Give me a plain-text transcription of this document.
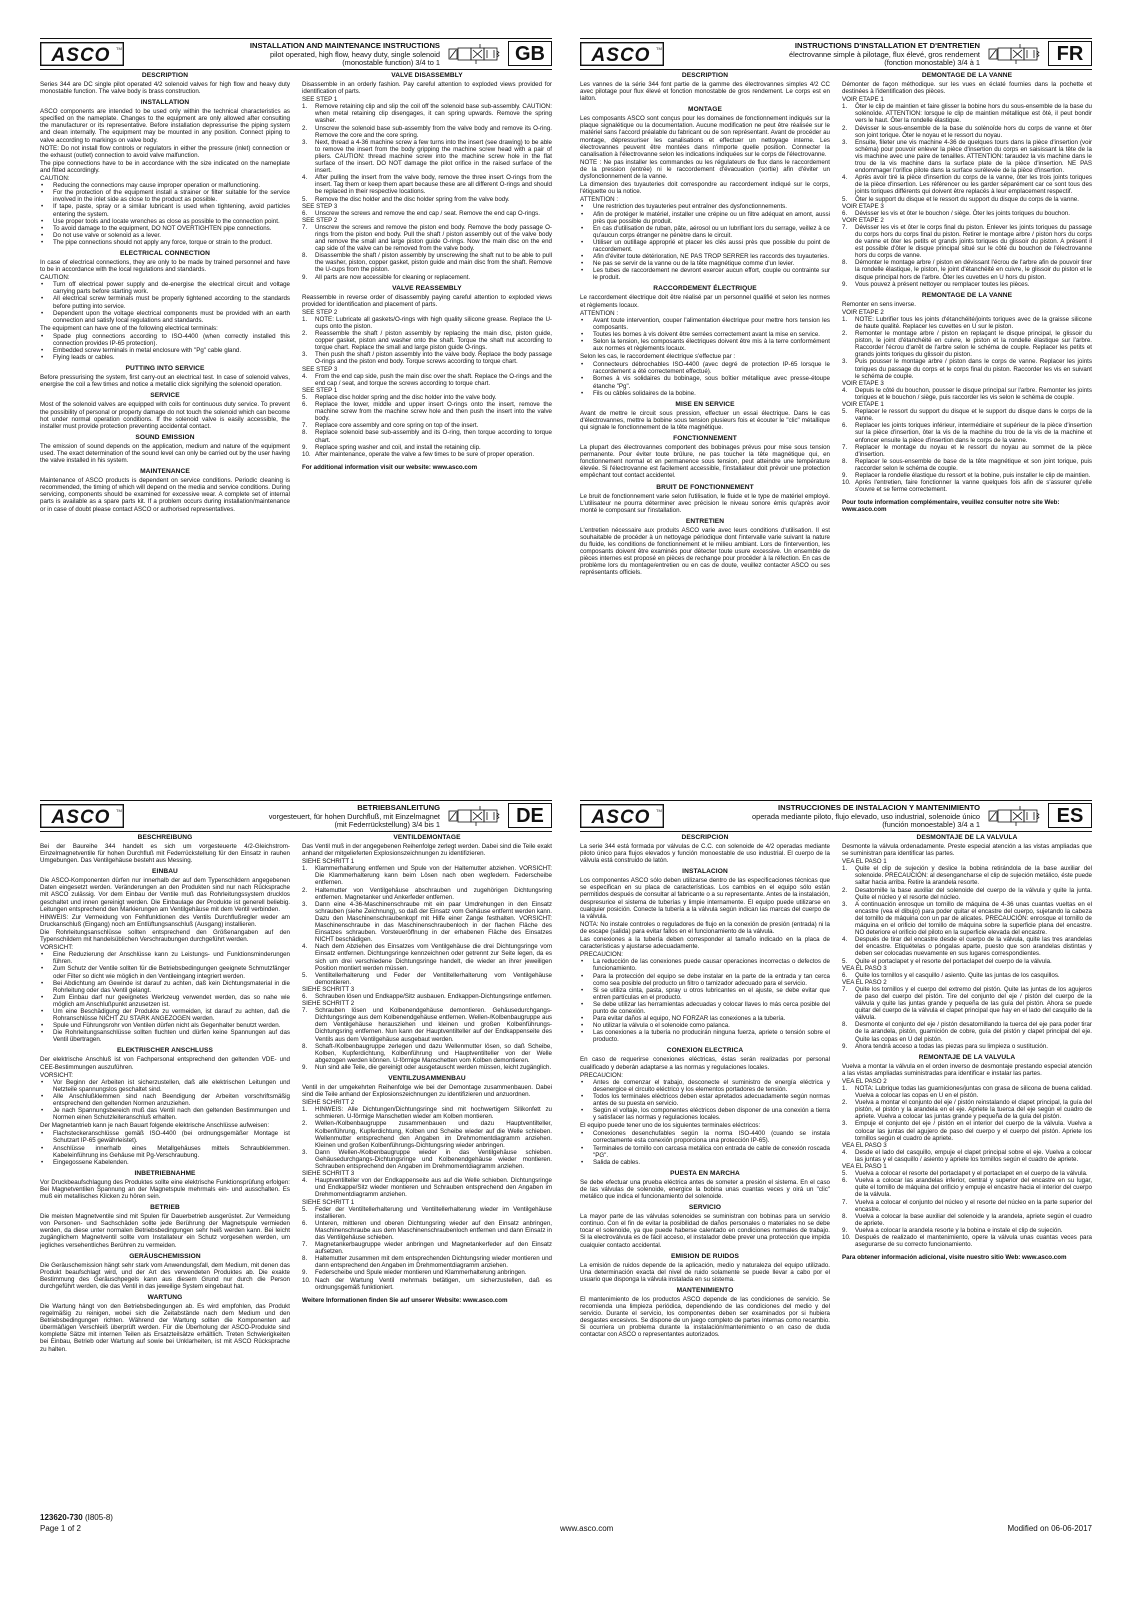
ASCO TM	INSTALLATION AND MAINTENANCE INSTRUCTIONS
pilot operated, high flow, heavy duty, single solenoid
(monostable function) 3/4 to 1	GB
DESCRIPTION

Series 344 are DC single pilot operated 4/2 solenoid valves for high flow and heavy duty monostable function. The valve body is brass construction.

INSTALLATION

ASCO components are intended to be used only within the technical characteristics as specified on the nameplate. Changes to the equipment are only allowed after consulting the manufacturer or its representative. Before installation depressurise the piping system and clean internally. The equipment may be mounted in any position. Connect piping to valve according to markings on valve body.

NOTE: Do not install flow controls or regulators in either the pressure (inlet) connection or the exhaust (outlet) connection to avoid valve malfunction.

The pipe connections have to be in accordance with the size indicated on the nameplate and fitted accordingly.

CAUTION:

• Reducing the connections may cause improper operation or malfunctioning.
• For the protection of the equipment install a strainer or filter suitable for the service involved in the inlet side as close to the product as possible.
• If tape, paste, spray or a similar lubricant is used when tightening, avoid particles entering the system.
• Use proper tools and locate wrenches as close as possible to the connection point.
• To avoid damage to the equipment, DO NOT OVERTIGHTEN pipe connections.
• Do not use valve or solenoid as a lever.
• The pipe connections should not apply any force, torque or strain to the product.
ELECTRICAL CONNECTION

In case of electrical connections, they are only to be made by trained personnel and have to be in accordance with the local regulations and standards.

CAUTION:

• Turn off electrical power supply and de-energise the electrical circuit and voltage carrying parts before starting work.
• All electrical screw terminals must be properly tightened according to the standards before putting into service.
• Dependent upon the voltage electrical components must be provided with an earth connection and satisfy local regulations and standards.

The equipment can have one of the following electrical terminals:

• Spade plug connections according to ISO-4400 (when correctly installed this connection provides IP-65 protection).
• Embedded screw terminals in metal enclosure with "Pg" cable gland.
• Flying leads or cables.
PUTTING INTO SERVICE

Before pressurising the system, first carry-out an electrical test. In case of solenoid valves, energise the coil a few times and notice a metallic click signifying the solenoid operation.

SERVICE

Most of the solenoid valves are equipped with coils for continuous duty service. To prevent the possibility of personal or property damage do not touch the solenoid which can become hot under normal operation conditions. If the solenoid valve is easily accessible, the installer must provide protection preventing accidental contact.

SOUND EMISSION

The emission of sound depends on the application, medium and nature of the equipment used. The exact determination of the sound level can only be carried out by the user having the valve installed in his system.

MAINTENANCE

Maintenance of ASCO products is dependent on service conditions. Periodic cleaning is recommended, the timing of which will depend on the media and service conditions. During servicing, components should be examined for excessive wear. A complete set of internal parts is available as a spare parts kit. If a problem occurs during installation/maintenance or in case of doubt please contact ASCO or authorised representatives.

VALVE DISASSEMBLY

Disassemble in an orderly fashion. Pay careful attention to exploded views provided for identification of parts.

SEE STEP 1

1. Remove retaining clip and slip the coil off the solenoid base sub-assembly. CAUTION: when metal retaining clip disengages, it can spring upwards. Remove the spring washer.
2. Unscrew the solenoid base sub-assembly from the valve body and remove its O-ring. Remove the core and the core spring.
3. Next, thread a 4-36 machine screw a few turns into the insert (see drawing) to be able to remove the insert from the body gripping the machine screw head with a pair of pliers. CAUTION: thread machine screw into the machine screw hole in the flat surface of the insert. DO NOT damage the pilot orifice in the raised surface of the insert.
4. After pulling the insert from the valve body, remove the three insert O-rings from the insert. Tag them or keep them apart because these are all different O-rings and should be replaced in their respective locations.
5. Remove the disc holder and the disc holder spring from the valve body.

SEE STEP 3

6. Unscrew the screws and remove the end cap / seat. Remove the end cap O-rings.

SEE STEP 2

7. Unscrew the screws and remove the piston end body. Remove the body passage O-rings from the piston end body. Pull the shaft / piston assembly out of the valve body and remove the small and large piston guide O-rings. Now the main disc on the end cap side of the valve can be removed from the valve body.
8. Disassemble the shaft / piston assembly by unscrewing the shaft nut to be able to pull the washer, piston, copper gasket, piston guide and main disc from the shaft. Remove the U-cups from the piston.
9. All parts are now accessible for cleaning or replacement.
VALVE REASSEMBLY

Reassemble in reverse order of disassembly paying careful attention to exploded views provided for identification and placement of parts.

SEE STEP 2

1. NOTE: Lubricate all gaskets/O-rings with high quality silicone grease. Replace the U-cups onto the piston.
2. Reassemble the shaft / piston assembly by replacing the main disc, piston guide, copper gasket, piston and washer onto the shaft. Torque the shaft nut according to torque chart. Replace the small and large piston guide O-rings.
3. Then push the shaft / piston assembly into the valve body. Replace the body passage O-rings and the piston end body. Torque screws according to torque chart.

SEE STEP 3

4. From the end cap side, push the main disc over the shaft. Replace the O-rings and the end cap / seat, and torque the screws according to torque chart.

SEE STEP 1

5. Replace disc holder spring and the disc holder into the valve body.
6. Replace the lower, middle and upper insert O-rings onto the insert, remove the machine screw from the machine screw hole and then push the insert into the valve body.
7. Replace core assembly and core spring on top of the insert.
8. Replace solenoid base sub-assembly and its O-ring, then torque according to torque chart.
9. Replace spring washer and coil, and install the retaining clip.
10. After maintenance, operate the valve a few times to be sure of proper operation.
For additional information visit our website: www.asco.com
ASCO TM	INSTRUCTIONS D'INSTALLATION ET D'ENTRETIEN
électrovanne simple à pilotage, flux élevé, gros rendement
(fonction monostable) 3/4 à 1	FR
DESCRIPTION

Les vannes de la série 344 font partie de la gamme des électrovannes simples 4/2 CC avec pilotage pour flux élevé et fonction monostable de gros rendement. Le corps est en laiton.

MONTAGE

Les composants ASCO sont conçus pour les domaines de fonctionnement indiqués sur la plaque signalétique ou la documentation. Aucune modification ne peut être réalisée sur le matériel sans l'accord préalable du fabricant ou de son représentant. Avant de procéder au montage, dépressuriser les canalisations et effectuer un nettoyage interne. Les électrovannes peuvent être montées dans n'importe quelle position. Connecter la canalisation à l'électrovanne selon les indications indiquées sur le corps de l'électrovanne.

NOTE : Ne pas installer les commandes ou les régulateurs de flux dans le raccordement de la pression (entrée) ni le raccordement d'évacuation (sortie) afin d'éviter un dysfonctionnement de la vanne.

La dimension des tuyauteries doit correspondre au raccordement indiqué sur le corps, l'étiquette ou la notice.

ATTENTION :

• Une restriction des tuyauteries peut entraîner des dysfonctionnements.
• Afin de protéger le matériel, installer une crépine ou un filtre adéquat en amont, aussi près que possible du produit.
• En cas d'utilisation de ruban, pâte, aérosol ou un lubrifiant lors du serrage, veillez à ce qu'aucun corps étranger ne pénètre dans le circuit.
• Utiliser un outillage approprié et placer les clés aussi près que possible du point de raccordement.
• Afin d'éviter toute détérioration, NE PAS TROP SERRER les raccords des tuyauteries.
• Ne pas se servir de la vanne ou de la tête magnétique comme d'un levier.
• Les tubes de raccordement ne devront exercer aucun effort, couple ou contrainte sur le produit.
RACCORDEMENT ÉLECTRIQUE

Le raccordement électrique doit être réalisé par un personnel qualifié et selon les normes et règlements locaux.

ATTENTION :

• Avant toute intervention, couper l'alimentation électrique pour mettre hors tension les composants.
• Toutes les bornes à vis doivent être serrées correctement avant la mise en service.
• Selon la tension, les composants électriques doivent être mis à la terre conformément aux normes et règlements locaux.

Selon les cas, le raccordement électrique s'effectue par :

• Connecteurs débrochables ISO-4400 (avec degré de protection IP-65 lorsque le raccordement a été correctement effectué).
• Bornes à vis solidaires du bobinage, sous boîtier métallique avec presse-étoupe étanche "Pg".
• Fils ou câbles solidaires de la bobine.
MISE EN SERVICE

Avant de mettre le circuit sous pression, effectuer un essai électrique. Dans le cas d'électrovannes, mettre la bobine sous tension plusieurs fois et écouter le "clic" métallique qui signale le fonctionnement de la tête magnétique.

FONCTIONNEMENT

La plupart des électrovannes comportent des bobinages prévus pour mise sous tension permanente. Pour éviter toute brûlure, ne pas toucher la tête magnétique qui, en fonctionnement normal et en permanence sous tension, peut atteindre une température élevée. Si l'électrovanne est facilement accessible, l'installateur doit prévoir une protection empêchant tout contact accidentel.

BRUIT DE FONCTIONNEMENT

Le bruit de fonctionnement varie selon l'utilisation, le fluide et le type de matériel employé. L'utilisateur ne pourra déterminer avec précision le niveau sonore émis qu'après avoir monté le composant sur l'installation.

ENTRETIEN

L'entretien nécessaire aux produits ASCO varie avec leurs conditions d'utilisation. Il est souhaitable de procéder à un nettoyage périodique dont l'intervalle varie suivant la nature du fluide, les conditions de fonctionnement et le milieu ambiant. Lors de l'intervention, les composants doivent être examinés pour détecter toute usure excessive. Un ensemble de pièces internes est proposé en pièces de rechange pour procéder à la réfection. En cas de problème lors du montage/entretien ou en cas de doute, veuillez contacter ASCO ou ses représentants officiels.

DEMONTAGE DE LA VANNE

Démonter de façon méthodique. sur les vues en éclaté fournies dans la pochette et destinées à l'identification des pièces.

VOIR ETAPE 1

1. Ôter le clip de maintien et faire glisser la bobine hors du sous-ensemble de la base du solénoïde. ATTENTION: lorsque le clip de maintien métallique est ôté, il peut bondir vers le haut. Ôter la rondelle élastique.
2. Dévisser le sous-ensemble de la base du solénoïde hors du corps de vanne et ôter son joint torique. Ôter le noyau et le ressort du noyau.
3. Ensuite, fileter une vis machine 4-36 de quelques tours dans la pièce d'insertion (voir schéma) pour pouvoir enlever la pièce d'insertion du corps en saisissant la tête de la vis machine avec une paire de tenailles. ATTENTION: taraudez la vis machine dans le trou de la vis machine dans la surface plate de la pièce d'insertion. NE PAS endommager l'orifice pilote dans la surface surélevée de la pièce d'insertion.
4. Après avoir tiré la pièce d'insertion du corps de la vanne, ôter les trois joints toriques de la pièce d'insertion. Les référencer ou les garder séparément car ce sont tous des joints toriques différents qui doivent être replacés à leur emplacement respectif.
5. Ôter le support du disque et le ressort du support du disque du corps de la vanne.

VOIR ETAPE 3

6. Dévisser les vis et ôter le bouchon / siège. Ôter les joints toriques du bouchon.

VOIR ETAPE 2

7. Dévisser les vis et ôter le corps final du piston. Enlever les joints toriques du passage du corps hors du corps final du piston. Retirer le montage arbre / piston hors du corps de vanne et ôter les petits et grands joints toriques du glissoir du piston. A présent il est possible d'ôter le disque principal situé sur le côté du bouchon de l'électrovanne hors du corps de vanne.
8. Démonter le montage arbre / piston en dévissant l'écrou de l'arbre afin de pouvoir tirer la rondelle élastique, le piston, le joint d'étanchéité en cuivre, le glissoir du piston et le disque principal hors de l'arbre. Ôter les cuvettes en U hors du piston.
9. Vous pouvez à présent nettoyer ou remplacer toutes les pièces.
REMONTAGE DE LA VANNE

Remonter en sens inverse.

VOIR ETAPE 2

1. NOTE: Lubrifier tous les joints d'étanchéité/joints toriques avec de la graisse silicone de haute qualité. Replacer les cuvettes en U sur le piston.
2. Remonter le montage arbre / piston en replaçant le disque principal, le glissoir du piston, le joint d'étanchéité en cuivre, le piston et la rondelle élastique sur l'arbre. Raccorder l'écrou d'arrêt de l'arbre selon le schéma de couple. Replacer les petits et grands joints toriques du glissoir du piston.
3. Puis pousser le montage arbre / piston dans le corps de vanne. Replacer les joints toriques du passage du corps et le corps final du piston. Raccorder les vis en suivant le schéma de couple.

VOIR ETAPE 3

4. Depuis le côté du bouchon, pousser le disque principal sur l'arbre. Remonter les joints toriques et le bouchon / siège, puis raccorder les vis selon le schéma de couple.

VOIR ETAPE 1

5. Replacer le ressort du support du disque et le support du disque dans le corps de la vanne.
6. Replacer les joints toriques inférieur, intermédiaire et supérieur de la pièce d'insertion sur la pièce d'insertion, ôter la vis de la machine du trou de la vis de la machine et enfoncer ensuite la pièce d'insertion dans le corps de la vanne.
7. Replacer le montage du noyau et le ressort du noyau au sommet de la pièce d'insertion.
8. Replacer le sous-ensemble de base de la tête magnétique et son joint torique, puis raccorder selon le schéma de couple.
9. Replacer la rondelle élastique du ressort et la bobine, puis installer le clip de maintien.
10. Après l'entretien, faire fonctionner la vanne quelques fois afin de s'assurer qu'elle s'ouvre et se ferme correctement.
Pour toute information complémentaire, veuillez consulter notre site Web: www.asco.com
ASCO TM	BETRIEBSANLEITUNG
vorgesteuert, für hohen Durchfluß, mit Einzelmagnet
(mit Federrückstellung) 3/4 bis 1	DE
BESCHREIBUNG

Bei der Baureihe 344 handelt es sich um vorgesteuerte 4/2-Gleichstrom-Einzelmagnetventile für hohen Durchfluß mit Federrückstellung für den Einsatz in rauhen Umgebungen. Das Ventilgehäuse besteht aus Messing.

EINBAU

Die ASCO-Komponenten dürfen nur innerhalb der auf dem Typenschildern angegebenen Daten eingesetzt werden. Veränderungen an den Produkten sind nur nach Rücksprache mit ASCO zulässig. Vor dem Einbau der Ventile muß das Rohrleitungssystem drucklos geschaltet und innen gereinigt werden. Die Einbaulage der Produkte ist generell beliebig. Leitungen entsprechend den Markierungen am Ventilgehäuse mit dem Ventil verbinden.

HINWEIS: Zur Vermeidung von Fehlfunktionen des Ventils Durchflußregler weder am Druckanschluß (Eingang) noch am Entlüftungsanschluß (Ausgang) installieren.

Die Rohrleitungsanschlüsse sollten entsprechend den Größenangaben auf den Typenschildern mit handelsüblichen Verschraubungen durchgeführt werden.

VORSICHT:

• Eine Reduzierung der Anschlüsse kann zu Leistungs- und Funktionsminderungen führen.
• Zum Schutz der Ventile sollten für die Betriebsbedingungen geeignete Schmutzfänger oder Filter so dicht wie möglich in den Ventileingang integriert werden.
• Bei Abdichtung am Gewinde ist darauf zu achten, daß kein Dichtungsmaterial in die Rohrleitung oder das Ventil gelangt.
• Zum Einbau darf nur geeignetes Werkzeug verwendet werden, das so nahe wie möglich am Anschlußpunkt anzusetzen ist.
• Um eine Beschädigung der Produkte zu vermeiden, ist darauf zu achten, daß die Rohranschlüsse NICHT ZU STARK ANGEZOGEN werden.
• Spule und Führungsrohr von Ventilen dürfen nicht als Gegenhalter benutzt werden.
• Die Rohrleitungsanschlüsse sollten fluchten und dürfen keine Spannungen auf das Ventil übertragen.
ELEKTRISCHER ANSCHLUSS

Der elektrische Anschluß ist von Fachpersonal entsprechend den geltenden VDE- und CEE-Bestimmungen auszuführen.

VORSICHT:

• Vor Beginn der Arbeiten ist sicherzustellen, daß alle elektrischen Leitungen und Netzteile spannungslos geschaltet sind.
• Alle Anschlußklemmen sind nach Beendigung der Arbeiten vorschriftsmäßig entsprechend den geltenden Normen anzuziehen.
• Je nach Spannungsbereich muß das Ventil nach den geltenden Bestimmungen und Normen einen Schutzleiteranschluß erhalten.

Der Magnetantrieb kann je nach Bauart folgende elektrische Anschlüsse aufweisen:

• Flachsteckeranschlüsse gemäß ISO-4400 (bei ordnungsgemäßer Montage ist Schutzart IP-65 gewährleistet).
• Anschlüsse innerhalb eines Metallgehäuses mittels Schraubklemmen. Kabeleinführung ins Gehäuse mit Pg-Verschraubung.
• Eingegossene Kabelenden.
INBETRIEBNAHME

Vor Druckbeaufschlagung des Produktes sollte eine elektrische Funktionsprüfung erfolgen: Bei Magnetventilen Spannung an der Magnetspule mehrmals ein- und ausschalten. Es muß ein metallisches Klicken zu hören sein.

BETRIEB

Die meisten Magnetventile sind mit Spulen für Dauerbetrieb ausgerüstet. Zur Vermeidung von Personen- und Sachschäden sollte jede Berührung der Magnetspule vermieden werden, da diese unter normalen Betriebsbedingungen sehr heiß werden kann. Bei leicht zugänglichem Magnetventil sollte vom Installateur ein Schutz vorgesehen werden, um jegliches versehentliches Berühren zu vermeiden.

GERÄUSCHEMISSION

Die Geräuschemission hängt sehr stark vom Anwendungsfall, dem Medium, mit denen das Produkt beaufschlagt wird, und der Art des verwendeten Produktes ab. Die exakte Bestimmung des Geräuschpegels kann aus diesem Grund nur durch die Person durchgeführt werden, die das Ventil in das jeweilige System eingebaut hat.

WARTUNG

Die Wartung hängt von den Betriebsbedingungen ab. Es wird empfohlen, das Produkt regelmäßig zu reinigen, wobei sich die Zeitabstände nach dem Medium und den Betriebsbedingungen richten. Während der Wartung sollten die Komponenten auf übermäßigen Verschleiß überprüft werden. Für die Überholung der ASCO-Produkte sind komplette Sätze mit internen Teilen als Ersatzteilsätze erhältlich. Treten Schwierigkeiten bei Einbau, Betrieb oder Wartung auf sowie bei Unklarheiten, ist mit ASCO Rücksprache zu halten.

VENTILDEMONTAGE

Das Ventil muß in der angegebenen Reihenfolge zerlegt werden. Dabei sind die Teile exakt anhand der mitgelieferten Explosionszeichnungen zu identifizieren.

SIEHE SCHRITT 1

1. Klammerhalterung entfernen und Spule von der Haltemutter abziehen. VORSICHT: Die Klammerhalterung kann beim Lösen nach oben wegfedern. Federscheibe entfernen.
2. Haltemutter von Ventilgehäuse abschrauben und zugehörigen Dichtungsring entfernen. Magnetanker und Ankerfeder entfernen.
3. Dann eine 4-36-Maschinenschraube mit ein paar Umdrehungen in den Einsatz schrauben (siehe Zeichnung), so daß der Einsatz vom Gehäuse entfernt werden kann. Dazu den Maschinenschraubenkopf mit Hilfe einer Zange festhalten. VORSICHT: Maschinenschraube in das Maschinenschraubenloch in der flachen Fläche des Einsatzes schrauben. Vorsteueröffnung in der erhabenen Fläche des Einsatzes NICHT beschädigen.
4. Nach dem Abziehen des Einsatzes vom Ventilgehäuse die drei Dichtungsringe vom Einsatz entfernen. Dichtungsringe kennzeichnen oder getrennt zur Seite legen, da es sich um drei verschiedene Dichtungsringe handelt, die wieder an ihrer jeweiligen Position montiert werden müssen.
5. Ventiltellerhalterung und Feder der Ventiltellerhalterung vom Ventilgehäuse demontieren.

SIEHE SCHRITT 3

6. Schrauben lösen und Endkappe/Sitz ausbauen. Endkappen-Dichtungsringe entfernen.

SIEHE SCHRITT 2

7. Schrauben lösen und Kolbenendgehäuse demontieren. Gehäusedurchgangs-Dichtungsringe aus dem Kolbenendgehäuse entfernen. Wellen-/Kolbenbaugruppe aus dem Ventilgehäuse herausziehen und kleinen und großen Kolbenführungs-Dichtungsring entfernen. Nun kann der Hauptventilteller auf der Endkappenseite des Ventils aus dem Ventilgehäuse ausgebaut werden.
8. Schaft-/Kolbenbaugruppe zerlegen und dazu Wellenmutter lösen, so daß Scheibe, Kolben, Kupferdichtung, Kolbenführung und Hauptventilteller von der Welle abgezogen werden können. U-förmige Manschetten vom Kolben demontieren.
9. Nun sind alle Teile, die gereinigt oder ausgetauscht werden müssen, leicht zugänglich.
VENTILZUSAMMENBAU

Ventil in der umgekehrten Reihenfolge wie bei der Demontage zusammenbauen. Dabei sind die Teile anhand der Explosionszeichnungen zu identifizieren und anzuordnen.

SIEHE SCHRITT 2

1. HINWEIS: Alle Dichtungen/Dichtungsringe sind mit hochwertigem Silikonfett zu schmieren. U-förmige Manschetten wieder am Kolben montieren.
2. Wellen-/Kolbenbaugruppe zusammenbauen und dazu Hauptventilteller, Kolbenführung, Kupferdichtung, Kolben und Scheibe wieder auf die Welle schieben. Wellenmutter entsprechend den Angaben im Drehmomentdiagramm anziehen. Kleinen und großen Kolbenführungs-Dichtungsring wieder anbringen.
3. Dann Wellen-/Kolbenbaugruppe wieder in das Ventilgehäuse schieben. Gehäusedurchgangs-Dichtungsringe und Kolbenendgehäuse wieder montieren. Schrauben entsprechend den Angaben im Drehmomentdiagramm anziehen.

SIEHE SCHRITT 3

4. Hauptventilteller von der Endkappenseite aus auf die Welle schieben. Dichtungsringe und Endkappe/Sitz wieder montieren und Schrauben entsprechend den Angaben im Drehmomentdiagramm anziehen.

SIEHE SCHRITT 1

5. Feder der Ventiltellerhalterung und Ventiltellerhalterung wieder im Ventilgehäuse installieren.
6. Unteren, mittleren und oberen Dichtungsring wieder auf den Einsatz anbringen, Maschinenschraube aus dem Maschinenschraubenloch entfernen und dann Einsatz in das Ventilgehäuse schieben.
7. Magnetankerbaugruppe wieder anbringen und Magnetankerfeder auf den Einsatz aufsetzen.
8. Haltemutter zusammen mit dem entsprechenden Dichtungsring wieder montieren und dann entsprechend den Angaben im Drehmomentdiagramm anziehen.
9. Federscheibe und Spule wieder montieren und Klammerhalterung anbringen.
10. Nach der Wartung Ventil mehrmals betätigen, um sicherzustellen, daß es ordnungsgemäß funktioniert.
Weitere Informationen finden Sie auf unserer Website: www.asco.com
ASCO TM	INSTRUCCIONES DE INSTALACION Y MANTENIMIENTO
operada mediante piloto, flujo elevado, uso industrial, solenoide único
(función monoestable) 3/4 a 1	ES
DESCRIPCION

La serie 344 está formada por válvulas de C.C. con solenoide de 4/2 operadas mediante piloto único para flujos elevados y función monoestable de uso industrial. El cuerpo de la válvula está construido de latón.

INSTALACION

Los componentes ASCO sólo deben utilizarse dentro de las especificaciones técnicas que se especifican en su placa de características. Los cambios en el equipo sólo están permitidos después de consultar al fabricante o a su representante. Antes de la instalación, despresurice el sistema de tuberías y limpie internamente. El equipo puede utilizarse en cualquier posición. Conecte la tubería a la válvula según indican las marcas del cuerpo de la válvula.

NOTA: No instale controles o reguladores de flujo en la conexión de presión (entrada) ni la de escape (salida) para evitar fallos en el funcionamiento de la válvula.

Las conexiones a la tubería deben corresponder al tamaño indicado en la placa de características y ajustarse adecuadamente.

PRECAUCION:

• La reducción de las conexiones puede causar operaciones incorrectas o defectos de funcionamiento.
• Para la protección del equipo se debe instalar en la parte de la entrada y tan cerca como sea posible del producto un filtro o tamizador adecuado para el servicio.
• Si se utiliza cinta, pasta, spray u otros lubricantes en el ajuste, se debe evitar que entren partículas en el producto.
• Se debe utilizar las herramientas adecuadas y colocar llaves lo más cerca posible del punto de conexión.
• Para evitar daños al equipo, NO FORZAR las conexiones a la tubería.
• No utilizar la válvula o el solenoide como palanca.
• Las conexiones a la tubería no producirán ninguna fuerza, apriete o tensión sobre el producto.
CONEXION ELECTRICA

En caso de requerirse conexiones eléctricas, éstas serán realizadas por personal cualificado y deberán adaptarse a las normas y regulaciones locales.

PRECAUCION:

• Antes de comenzar el trabajo, desconecte el suministro de energía eléctrica y desenergice el circuito eléctrico y los elementos portadores de tensión.
• Todos los terminales eléctricos deben estar apretados adecuadamente según normas antes de su puesta en servicio.
• Según el voltaje, los componentes eléctricos deben disponer de una conexión a tierra y satisfacer las normas y regulaciones locales.

El equipo puede tener uno de los siguientes terminales eléctricos:

• Conexiones desenchufables según la norma ISO-4400 (cuando se instala correctamente esta conexión proporciona una protección IP-65).
• Terminales de tornillo con carcasa metálica con entrada de cable de conexión roscada "PG".
• Salida de cables.
PUESTA EN MARCHA

Se debe efectuar una prueba eléctrica antes de someter a presión el sistema. En el caso de las válvulas de solenoide, energice la bobina unas cuantas veces y oirá un "clic" metálico que indica el funcionamiento del solenoide.

SERVICIO

La mayor parte de las válvulas solenoides se suministran con bobinas para un servicio continuo. Con el fin de evitar la posibilidad de daños personales o materiales no se debe tocar el solenoide, ya que puede haberse calentado en condiciones normales de trabajo. Si la electroválvula es de fácil acceso, el instalador debe prever una protección que impida cualquier contacto accidental.

EMISION DE RUIDOS

La emisión de ruidos depende de la aplicación, medio y naturaleza del equipo utilizado. Una determinación exacta del nivel de ruido solamente se puede llevar a cabo por el usuario que disponga la válvula instalada en su sistema.

MANTENIMIENTO

El mantenimiento de los productos ASCO depende de las condiciones de servicio. Se recomienda una limpieza periódica, dependiendo de las condiciones del medio y del servicio. Durante el servicio, los componentes deben ser examinados por si hubiera desgastes excesivos. Se dispone de un juego completo de partes internas como recambio. Si ocurriera un problema durante la instalación/mantenimiento o en caso de duda contactar con ASCO o representantes autorizados.

DESMONTAJE DE LA VALVULA

Desmonte la válvula ordenadamente. Preste especial atención a las vistas ampliadas que se suministran para identificar las partes.

VEA EL PASO 1

1. Quite el clip de sujeción y deslice la bobina retirándola de la base auxiliar del solenoide. PRECAUCIÓN: al desengancharse el clip de sujeción metálico, éste puede saltar hacia arriba. Retire la arandela resorte.
2. Desatornille la base auxiliar del solenoide del cuerpo de la válvula y quite la junta. Quite el núcleo y el resorte del núcleo.
3. A continuación enrosque un tornillo de máquina de 4-36 unas cuantas vueltas en el encastre (vea el dibujo) para poder quitar el encastre del cuerpo, sujetando la cabeza del tornillo de máquina con un par de alicates. PRECAUCIÓN: enrosque el tornillo de máquina en el orificio del tornillo de máquina sobre la superficie plana del encastre. NO deteriore el orificio del piloto en la superficie elevada del encastre.
4. Después de tirar del encastre desde el cuerpo de la válvula, quite las tres arandelas del encastre. Etiquételas o póngalas aparte, puesto que son arandelas distintas y deben ser colocadas nuevamente en sus lugares correspondientes.
5. Quite el portaclapet y el resorte del portaclapet del cuerpo de la válvula.

VEA EL PASO 3

6. Quite los tornillos y el casquillo / asiento. Quite las juntas de los casquillos.

VEA EL PASO 2

7. Quite los tornillos y el cuerpo del extremo del pistón. Quite las juntas de los agujeros de paso del cuerpo del pistón. Tire del conjunto del eje / pistón del cuerpo de la válvula y quite las juntas grande y pequeña de las guía del pistón. Ahora se puede quitar del cuerpo de la válvula el clapet principal que hay en el lado del casquillo de la válvula.
8. Desmonte el conjunto del eje / pistón desatornillando la tuerca del eje para poder tirar de la arandela, pistón, guarnición de cobre, guía del pistón y clapet principal del eje. Quite las copas en U del pistón.
9. Ahora tendrá acceso a todas las piezas para su limpieza o sustitución.
REMONTAJE DE LA VALVULA

Vuelva a montar la válvula en el orden inverso de desmontaje prestando especial atención a las vistas ampliadas suministradas para identificar e instalar las partes.

VEA EL PASO 2

1. NOTA: Lubrique todas las guarniciones/juntas con grasa de silicona de buena calidad. Vuelva a colocar las copas en U en el pistón.
2. Vuelva a montar el conjunto del eje / pistón reinstalando el clapet principal, la guía del pistón, el pistón y la arandela en el eje. Apriete la tuerca del eje según el cuadro de apriete. Vuelva a colocar las juntas grande y pequeña de la guía del pistón.
3. Empuje el conjunto del eje / pistón en el interior del cuerpo de la válvula. Vuelva a colocar las juntas del agujero de paso del cuerpo y el cuerpo del pistón. Apriete los tornillos según el cuadro de apriete.

VEA EL PASO 3

4. Desde el lado del casquillo, empuje el clapet principal sobre el eje. Vuelva a colocar las juntas y el casquillo / asiento y apriete los tornillos según el cuadro de apriete.

VEA EL PASO 1

5. Vuelva a colocar el resorte del portaclapet y el portaclapet en el cuerpo de la válvula.
6. Vuelva a colocar las arandelas inferior, central y superior del encastre en su lugar, quite el tornillo de máquina del orificio y empuje el encastre hacia el interior del cuerpo de la válvula.
7. Vuelva a colocar el conjunto del núcleo y el resorte del núcleo en la parte superior del encastre.
8. Vuelva a colocar la base auxiliar del solenoide y la arandela, apriete según el cuadro de apriete.
9. Vuelva a colocar la arandela resorte y la bobina e instale el clip de sujeción.
10. Después de realizado el mantenimiento, opere la válvula unas cuantas veces para asegurarse de su correcto funcionamiento.
Para obtener información adicional, visite nuestro sitio Web: www.asco.com
123620-730 (I805-8)
Page 1 of 2	www.asco.com	Modified on 06-06-2017
